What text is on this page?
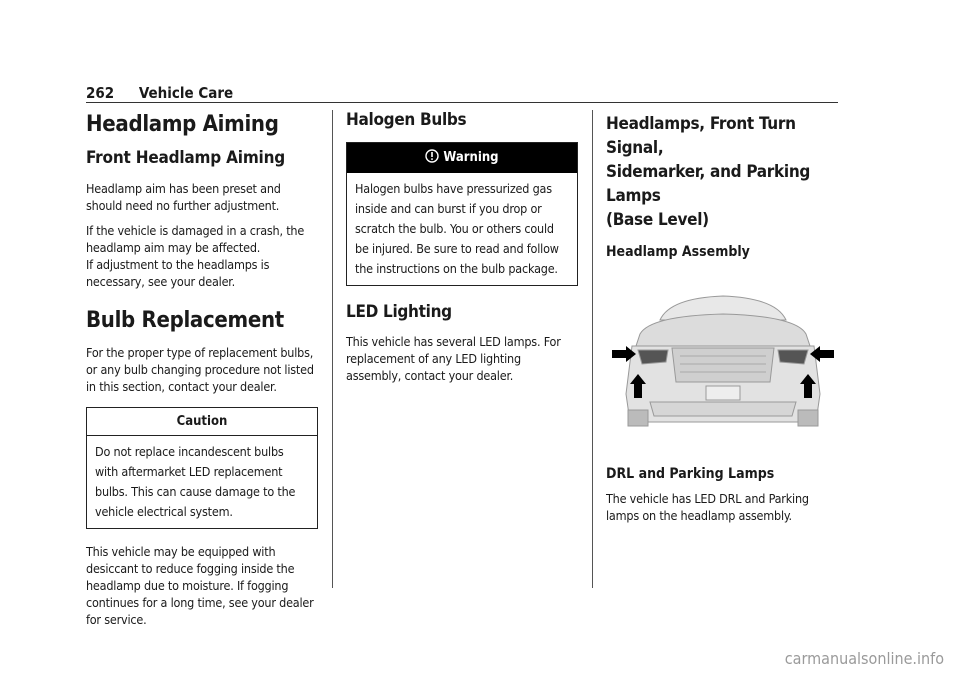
262 Vehicle Care
Headlamp Aiming
Front Headlamp Aiming

Headlamp aim has been preset and should need no further adjustment.

If the vehicle is damaged in a crash, the headlamp aim may be affected.

If adjustment to the headlamps is necessary, see your dealer.

Bulb Replacement

For the proper type of replacement bulbs, or any bulb changing procedure not listed in this section, contact your dealer.

Caution

Do not replace incandescent bulbs with aftermarket LED replacement bulbs. This can cause damage to the vehicle electrical system.

This vehicle may be equipped with desiccant to reduce fogging inside the headlamp due to moisture. If fogging continues for a long time, see your dealer for service.

Halogen Bulbs
Warning

Halogen bulbs have pressurized gas inside and can burst if you drop or scratch the bulb. You or others could be injured. Be sure to read and follow the instructions on the bulb package.

LED Lighting

This vehicle has several LED lamps. For replacement of any LED lighting assembly, contact your dealer.

Headlamps, Front Turn Signal,
Sidemarker, and Parking Lamps
(Base Level)
Headlamp Assembly
DRL and Parking Lamps

The vehicle has LED DRL and Parking lamps on the headlamp assembly.

carmanualsonline.info
